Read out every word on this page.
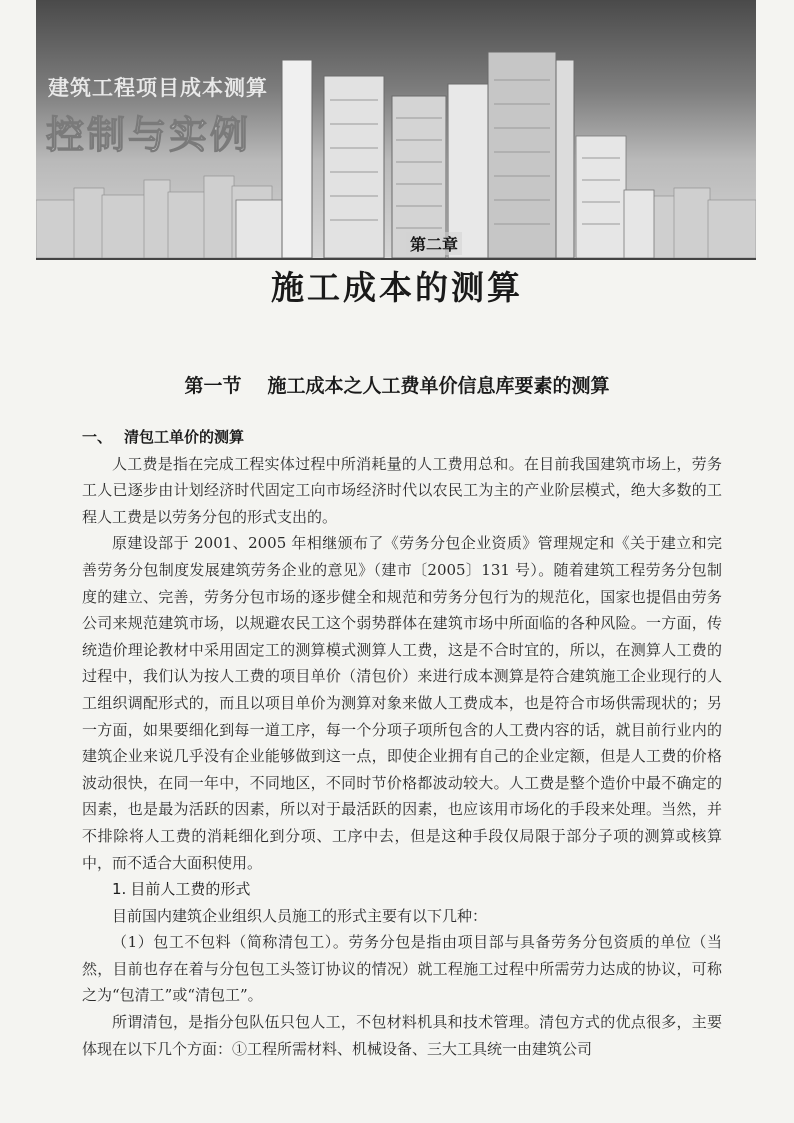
建筑工程项目成本测算
控制与实例
第二章
施工成本的测算
第一节 施工成本之人工费单价信息库要素的测算
一、 清包工单价的测算

人工费是指在完成工程实体过程中所消耗量的人工费用总和。在目前我国建筑市场上，劳务工人已逐步由计划经济时代固定工向市场经济时代以农民工为主的产业阶层模式，绝大多数的工程人工费是以劳务分包的形式支出的。

原建设部于 2001、2005 年相继颁布了《劳务分包企业资质》管理规定和《关于建立和完善劳务分包制度发展建筑劳务企业的意见》（建市〔2005〕131 号）。随着建筑工程劳务分包制度的建立、完善，劳务分包市场的逐步健全和规范和劳务分包行为的规范化，国家也提倡由劳务公司来规范建筑市场，以规避农民工这个弱势群体在建筑市场中所面临的各种风险。一方面，传统造价理论教材中采用固定工的测算模式测算人工费，这是不合时宜的，所以，在测算人工费的过程中，我们认为按人工费的项目单价（清包价）来进行成本测算是符合建筑施工企业现行的人工组织调配形式的，而且以项目单价为测算对象来做人工费成本，也是符合市场供需现状的；另一方面，如果要细化到每一道工序，每一个分项子项所包含的人工费内容的话，就目前行业内的建筑企业来说几乎没有企业能够做到这一点，即使企业拥有自己的企业定额，但是人工费的价格波动很快，在同一年中，不同地区，不同时节价格都波动较大。人工费是整个造价中最不确定的因素，也是最为活跃的因素，所以对于最活跃的因素，也应该用市场化的手段来处理。当然，并不排除将人工费的消耗细化到分项、工序中去，但是这种手段仅局限于部分子项的测算或核算中，而不适合大面积使用。

1. 目前人工费的形式

目前国内建筑企业组织人员施工的形式主要有以下几种：

（1）包工不包料（简称清包工）。劳务分包是指由项目部与具备劳务分包资质的单位（当然，目前也存在着与分包包工头签订协议的情况）就工程施工过程中所需劳力达成的协议，可称之为“包清工”或“清包工”。

所谓清包，是指分包队伍只包人工，不包材料机具和技术管理。清包方式的优点很多，主要体现在以下几个方面：①工程所需材料、机械设备、三大工具统一由建筑公司
